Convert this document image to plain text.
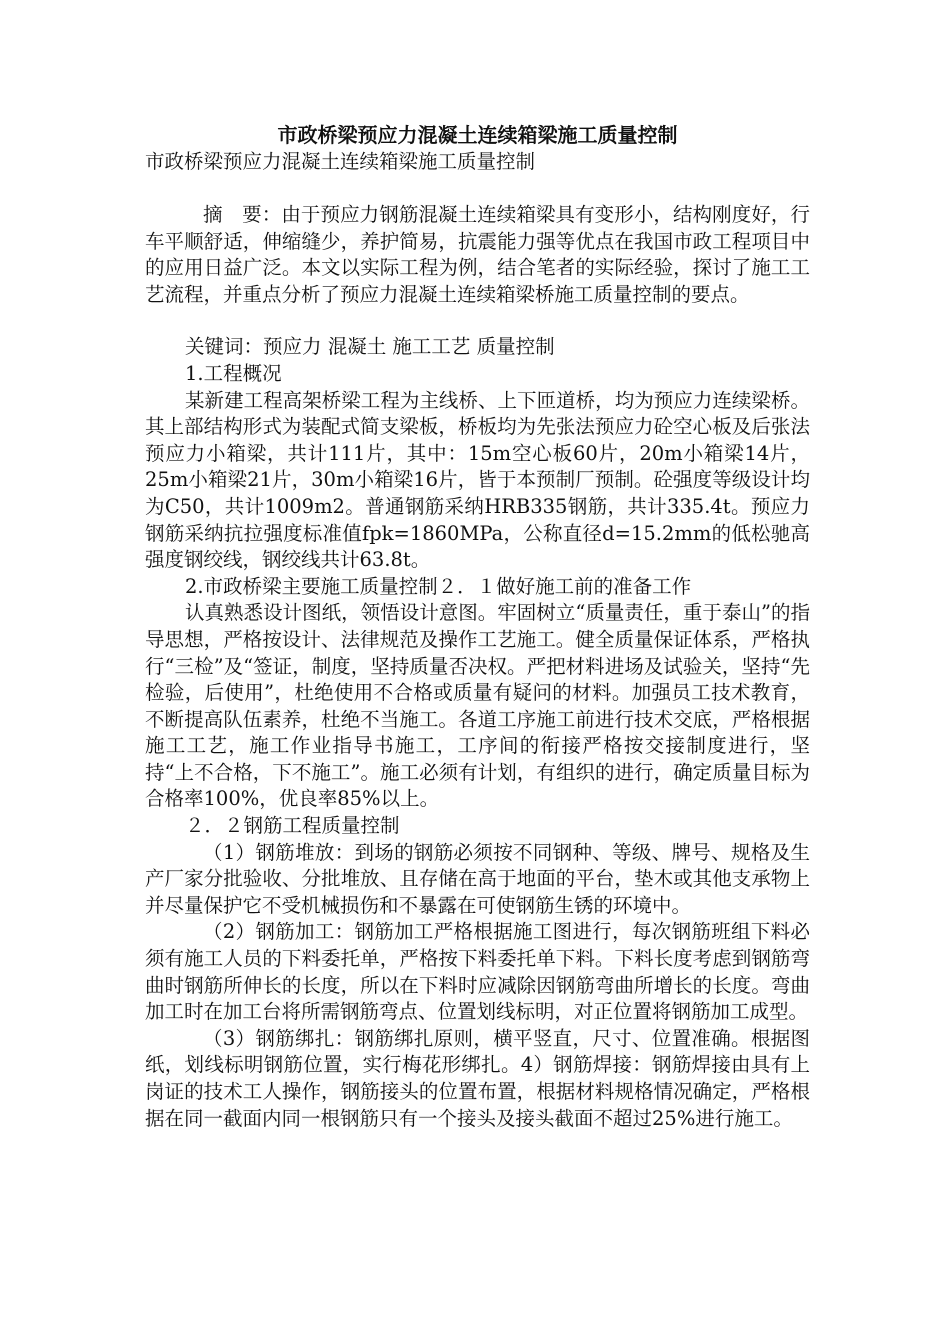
市政桥梁预应力混凝土连续箱梁施工质量控制

市政桥梁预应力混凝土连续箱梁施工质量控制

摘　要：由于预应力钢筋混凝土连续箱梁具有变形小，结构刚度好，行车平顺舒适，伸缩缝少，养护简易，抗震能力强等优点在我国市政工程项目中的应用日益广泛。本文以实际工程为例，结合笔者的实际经验，探讨了施工工艺流程，并重点分析了预应力混凝土连续箱梁桥施工质量控制的要点。

关键词：预应力 混凝土 施工工艺 质量控制

1.工程概况

某新建工程高架桥梁工程为主线桥、上下匝道桥，均为预应力连续梁桥。其上部结构形式为装配式简支梁板，桥板均为先张法预应力砼空心板及后张法预应力小箱梁，共计111片，其中：15m空心板60片，20m小箱梁14片，25m小箱梁21片，30m小箱梁16片，皆于本预制厂预制。砼强度等级设计均为C50，共计1009m2。普通钢筋采纳HRB335钢筋，共计335.4t。预应力钢筋采纳抗拉强度标准值fpk=1860MPa，公称直径d=15.2mm的低松驰高强度钢绞线，钢绞线共计63.8t。

2.市政桥梁主要施工质量控制２．１做好施工前的准备工作

认真熟悉设计图纸，领悟设计意图。牢固树立“质量责任，重于泰山”的指导思想，严格按设计、法律规范及操作工艺施工。健全质量保证体系，严格执行“三检”及“签证，制度，坚持质量否决权。严把材料进场及试验关，坚持“先检验，后使用”，杜绝使用不合格或质量有疑问的材料。加强员工技术教育，不断提高队伍素养，杜绝不当施工。各道工序施工前进行技术交底，严格根据施工工艺，施工作业指导书施工，工序间的衔接严格按交接制度进行，坚持“上不合格，下不施工”。施工必须有计划，有组织的进行，确定质量目标为合格率100%，优良率85%以上。

２．２钢筋工程质量控制

（1）钢筋堆放：到场的钢筋必须按不同钢种、等级、牌号、规格及生产厂家分批验收、分批堆放、且存储在高于地面的平台，垫木或其他支承物上并尽量保护它不受机械损伤和不暴露在可使钢筋生锈的环境中。

（2）钢筋加工：钢筋加工严格根据施工图进行，每次钢筋班组下料必须有施工人员的下料委托单，严格按下料委托单下料。下料长度考虑到钢筋弯曲时钢筋所伸长的长度，所以在下料时应减除因钢筋弯曲所增长的长度。弯曲加工时在加工台将所需钢筋弯点、位置划线标明，对正位置将钢筋加工成型。

（3）钢筋绑扎：钢筋绑扎原则，横平竖直，尺寸、位置准确。根据图纸，划线标明钢筋位置，实行梅花形绑扎。4）钢筋焊接：钢筋焊接由具有上岗证的技术工人操作，钢筋接头的位置布置，根据材料规格情况确定，严格根据在同一截面内同一根钢筋只有一个接头及接头截面不超过25%进行施工。
